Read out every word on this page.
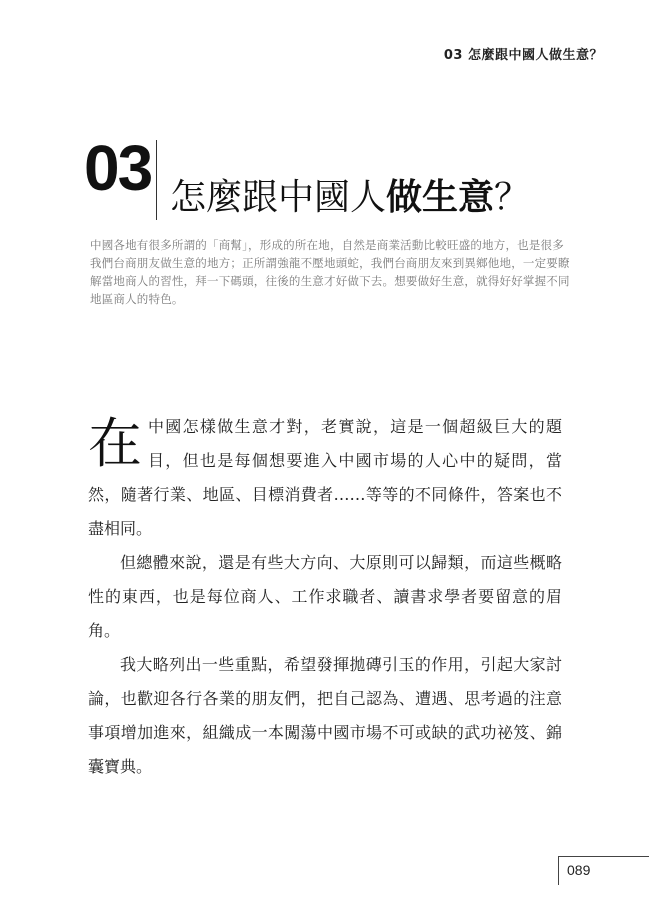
03 怎麼跟中國人做生意？
03 怎麼跟中國人做生意？
中國各地有很多所謂的「商幫」，形成的所在地，自然是商業活動比較旺盛的地方，也是很多我們台商朋友做生意的地方；正所謂強龍不壓地頭蛇，我們台商朋友來到異鄉他地，一定要瞭解當地商人的習性，拜一下碼頭，往後的生意才好做下去。想要做好生意，就得好好掌握不同地區商人的特色。

在中國怎樣做生意才對，老實說，這是一個超級巨大的題目，但也是每個想要進入中國市場的人心中的疑問，當然，隨著行業、地區、目標消費者……等等的不同條件，答案也不盡相同。

但總體來說，還是有些大方向、大原則可以歸類，而這些概略性的東西，也是每位商人、工作求職者、讀書求學者要留意的眉角。

我大略列出一些重點，希望發揮拋磚引玉的作用，引起大家討論，也歡迎各行各業的朋友們，把自己認為、遭遇、思考過的注意事項增加進來，組織成一本闖蕩中國市場不可或缺的武功祕笈、錦囊寶典。

089
